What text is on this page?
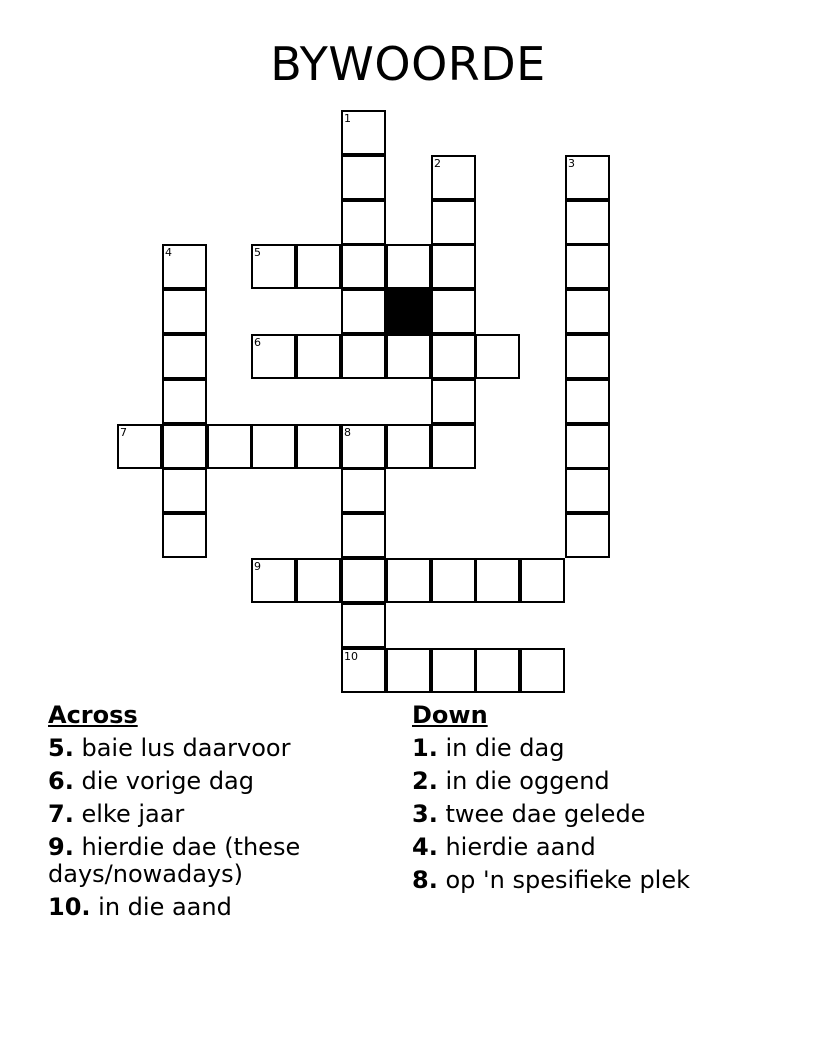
BYWOORDE
1
2	3
4	5
6
7	8
9
10
Across
5. baie lus daarvoor
6. die vorige dag
7. elke jaar
9. hierdie dae (these days/nowadays)
10. in die aand
Down
1. in die dag
2. in die oggend
3. twee dae gelede
4. hierdie aand
8. op 'n spesifieke plek
